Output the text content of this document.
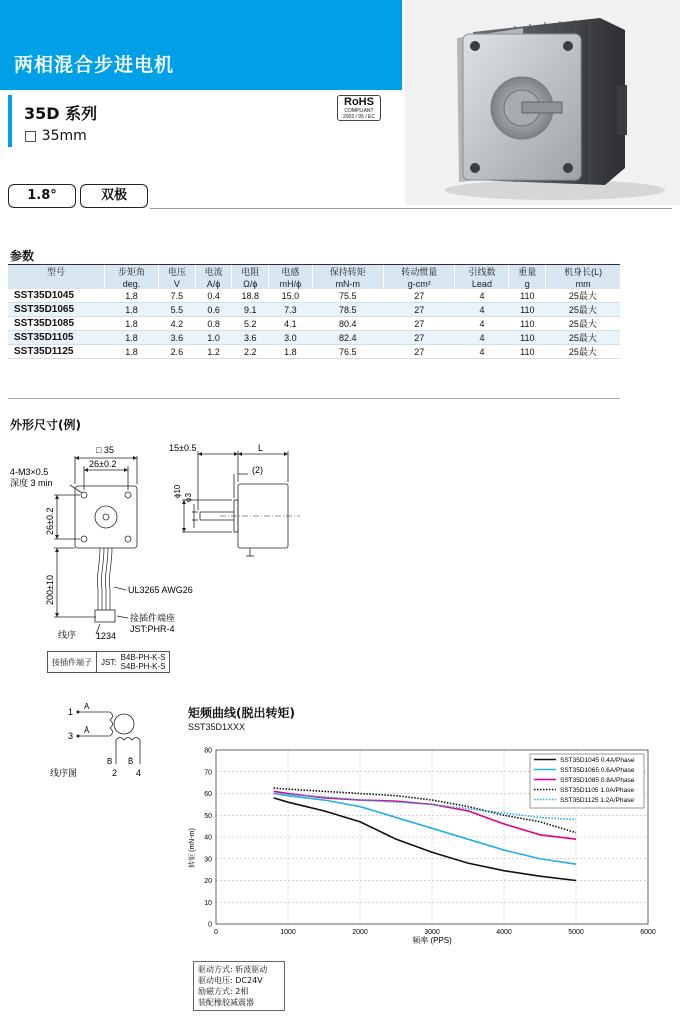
两相混合步进电机
35D 系列
□ 35mm
RoHS
COMPLIANT
2002 / 95 / EC
1.8°	双极
参数
型号	步矩角	电压	电流	电阻	电感	保持转矩	转动惯量	引线数	重量	机身长(L)
	deg.	V	A/ϕ	Ω/ϕ	mH/ϕ	mN-m	g-cm²	Lead	g	mm
SST35D1045	1.8	7.5	0.4	18.8	15.0	75.5	27	4	110	25最大
SST35D1065	1.8	5.5	0.6	9.1	7.3	78.5	27	4	110	25最大
SST35D1085	1.8	4.2	0.8	5.2	4.1	80.4	27	4	110	25最大
SST35D1105	1.8	3.6	1.0	3.6	3.0	82.4	27	4	110	25最大
SST35D1125	1.8	2.6	1.2	2.2	1.8	76.5	27	4	110	25最大
外形尺寸(例)
□ 35
26±0.2
4-M3×0.5
深度 3 min
26±0.2
200±10	UL3265 AWG26
接插件端座
JST:PHR-4
线序 1234
15±0.5	L
(2)
ϕ10 ϕ3
接插件端子	JST:	B4B-PH-K-S
S4B-PH-K-S
1
3
A
Ā
B B̄
2 4
线序图
矩频曲线(脱出转矩)
SST35D1XXX
0
10
20
30
40
50
60
70
80
0	1000	2000	3000	4000	5000	6000
SST35D1045 0.4A/Phase
SST35D1065 0.6A/Phase
SST35D1085 0.8A/Phase
SST35D1105 1.0A/Phase
SST35D1125 1.2A/Phase
频率 (PPS)
转矩 (mN-m)
驱动方式: 斩波驱动
驱动电压: DC24V
励磁方式: 2相
装配橡胶减震器
